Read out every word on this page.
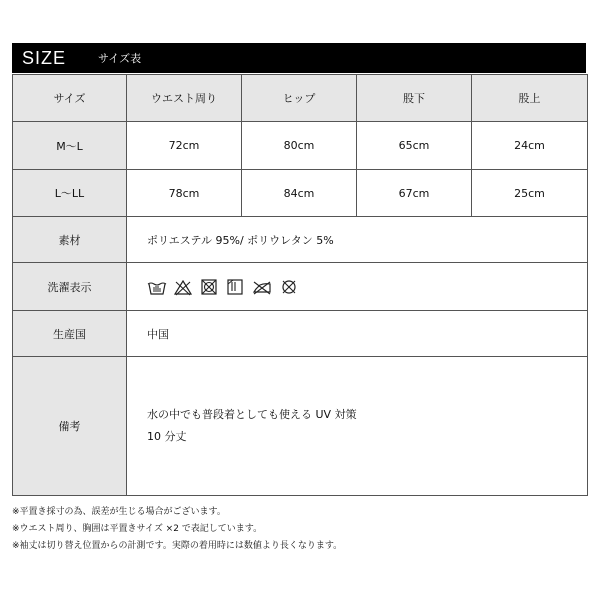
SIZE	サイズ表
サイズ	ウエスト周り	ヒップ	股下	股上
M～L	72cm	80cm	65cm	24cm
L～LL	78cm	84cm	67cm	25cm
素材	ポリエステル 95%/ ポリウレタン 5%			
洗濯表示	

生産国	中国			
備考	水の中でも普段着としても使える UV 対策
10 分丈			
※平置き採寸の為、誤差が生じる場合がございます。
※ウエスト周り、胸囲は平置きサイズ ×2 で表記しています。
※袖丈は切り替え位置からの計測です。実際の着用時には数値より長くなります。
